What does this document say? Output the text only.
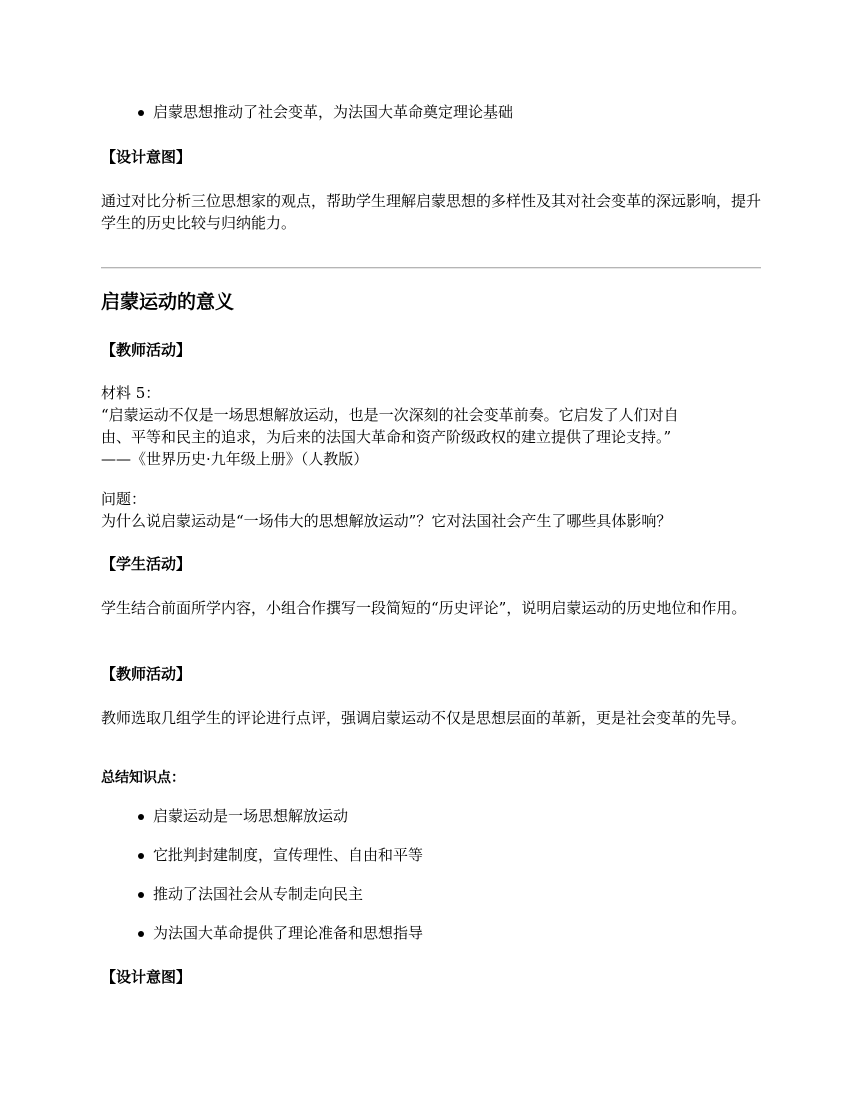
启蒙思想推动了社会变革，为法国大革命奠定理论基础
【设计意图】

通过对比分析三位思想家的观点，帮助学生理解启蒙思想的多样性及其对社会变革的深远影响，提升学生的历史比较与归纳能力。

启蒙运动的意义
【教师活动】

材料 5：

“启蒙运动不仅是一场思想解放运动，也是一次深刻的社会变革前奏。它启发了人们对自

由、平等和民主的追求，为后来的法国大革命和资产阶级政权的建立提供了理论支持。”

——《世界历史·九年级上册》（人教版）

问题：

为什么说启蒙运动是“一场伟大的思想解放运动”？它对法国社会产生了哪些具体影响？

【学生活动】

学生结合前面所学内容，小组合作撰写一段简短的“历史评论”，说明启蒙运动的历史地位和作用。

【教师活动】

教师选取几组学生的评论进行点评，强调启蒙运动不仅是思想层面的革新，更是社会变革的先导。

总结知识点：
启蒙运动是一场思想解放运动
它批判封建制度，宣传理性、自由和平等
推动了法国社会从专制走向民主
为法国大革命提供了理论准备和思想指导
【设计意图】
